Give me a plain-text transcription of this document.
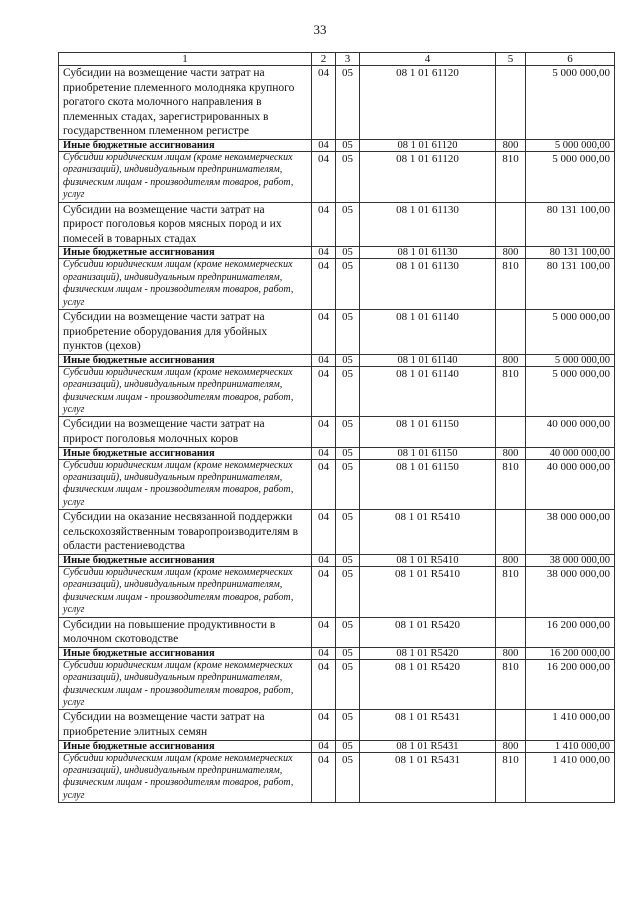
33
1	2	3	4	5	6
Субсидии на возмещение части затрат на приобретение племенного молодняка крупного рогатого скота молочного направления в племенных стадах, зарегистрированных в государственном племенном регистре	04	05	08 1 01 61120		5 000 000,00
Иные бюджетные ассигнования	04	05	08 1 01 61120	800	5 000 000,00
Субсидии юридическим лицам (кроме некоммерческих организаций), индивидуальным предпринимателям, физическим лицам - производителям товаров, работ, услуг	04	05	08 1 01 61120	810	5 000 000,00
Субсидии на возмещение части затрат на прирост поголовья коров мясных пород и их помесей в товарных стадах	04	05	08 1 01 61130		80 131 100,00
Иные бюджетные ассигнования	04	05	08 1 01 61130	800	80 131 100,00
Субсидии юридическим лицам (кроме некоммерческих организаций), индивидуальным предпринимателям, физическим лицам - производителям товаров, работ, услуг	04	05	08 1 01 61130	810	80 131 100,00
Субсидии на возмещение части затрат на приобретение оборудования для убойных пунктов (цехов)	04	05	08 1 01 61140		5 000 000,00
Иные бюджетные ассигнования	04	05	08 1 01 61140	800	5 000 000,00
Субсидии юридическим лицам (кроме некоммерческих организаций), индивидуальным предпринимателям, физическим лицам - производителям товаров, работ, услуг	04	05	08 1 01 61140	810	5 000 000,00
Субсидии на возмещение части затрат на прирост поголовья молочных коров	04	05	08 1 01 61150		40 000 000,00
Иные бюджетные ассигнования	04	05	08 1 01 61150	800	40 000 000,00
Субсидии юридическим лицам (кроме некоммерческих организаций), индивидуальным предпринимателям, физическим лицам - производителям товаров, работ, услуг	04	05	08 1 01 61150	810	40 000 000,00
Субсидии на оказание несвязанной поддержки сельскохозяйственным товаропроизводителям в области растениеводства	04	05	08 1 01 R5410		38 000 000,00
Иные бюджетные ассигнования	04	05	08 1 01 R5410	800	38 000 000,00
Субсидии юридическим лицам (кроме некоммерческих организаций), индивидуальным предпринимателям, физическим лицам - производителям товаров, работ, услуг	04	05	08 1 01 R5410	810	38 000 000,00
Субсидии на повышение продуктивности в молочном скотоводстве	04	05	08 1 01 R5420		16 200 000,00
Иные бюджетные ассигнования	04	05	08 1 01 R5420	800	16 200 000,00
Субсидии юридическим лицам (кроме некоммерческих организаций), индивидуальным предпринимателям, физическим лицам - производителям товаров, работ, услуг	04	05	08 1 01 R5420	810	16 200 000,00
Субсидии на возмещение части затрат на приобретение элитных семян	04	05	08 1 01 R5431		1 410 000,00
Иные бюджетные ассигнования	04	05	08 1 01 R5431	800	1 410 000,00
Субсидии юридическим лицам (кроме некоммерческих организаций), индивидуальным предпринимателям, физическим лицам - производителям товаров, работ, услуг	04	05	08 1 01 R5431	810	1 410 000,00
